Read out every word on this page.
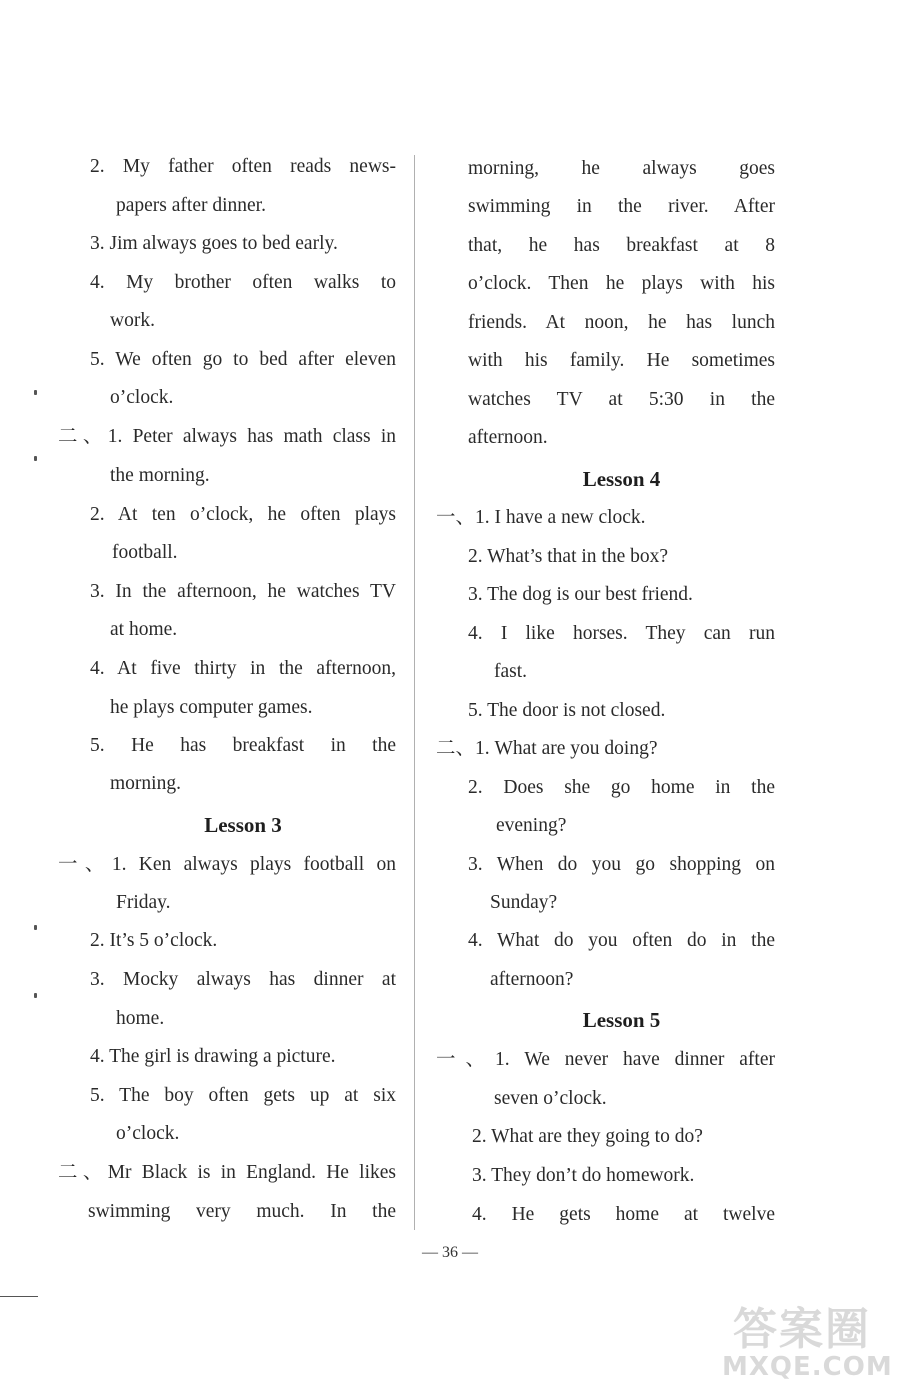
2. My father often reads news-
papers after dinner.
3. Jim always goes to bed early.
4. My brother often walks to
work.
5. We often go to bed after eleven
o’clock.
二、1. Peter always has math class in
the morning.
2. At ten o’clock, he often plays
football.
3. In the afternoon, he watches TV
at home.
4. At five thirty in the afternoon,
he plays computer games.
5. He has breakfast in the
morning.
一、1. Ken always plays football on
Friday.
2. It’s 5 o’clock.
3. Mocky always has dinner at
home.
4. The girl is drawing a picture.
5. The boy often gets up at six
o’clock.
二、Mr Black is in England. He likes
swimming very much. In the
morning, he always goes
swimming in the river. After
that, he has breakfast at 8
o’clock. Then he plays with his
friends. At noon, he has lunch
with his family. He sometimes
watches TV at 5:30 in the
afternoon.
一、1. I have a new clock.
2. What’s that in the box?
3. The dog is our best friend.
4. I like horses. They can run
fast.
5. The door is not closed.
二、1. What are you doing?
2. Does she go home in the
evening?
3. When do you go shopping on
Sunday?
4. What do you often do in the
afternoon?
一、1. We never have dinner after
seven o’clock.
2. What are they going to do?
3. They don’t do homework.
4. He gets home at twelve
Lesson 4
Lesson 3
Lesson 5
— 36 —
答案圈
MXQE.COM
